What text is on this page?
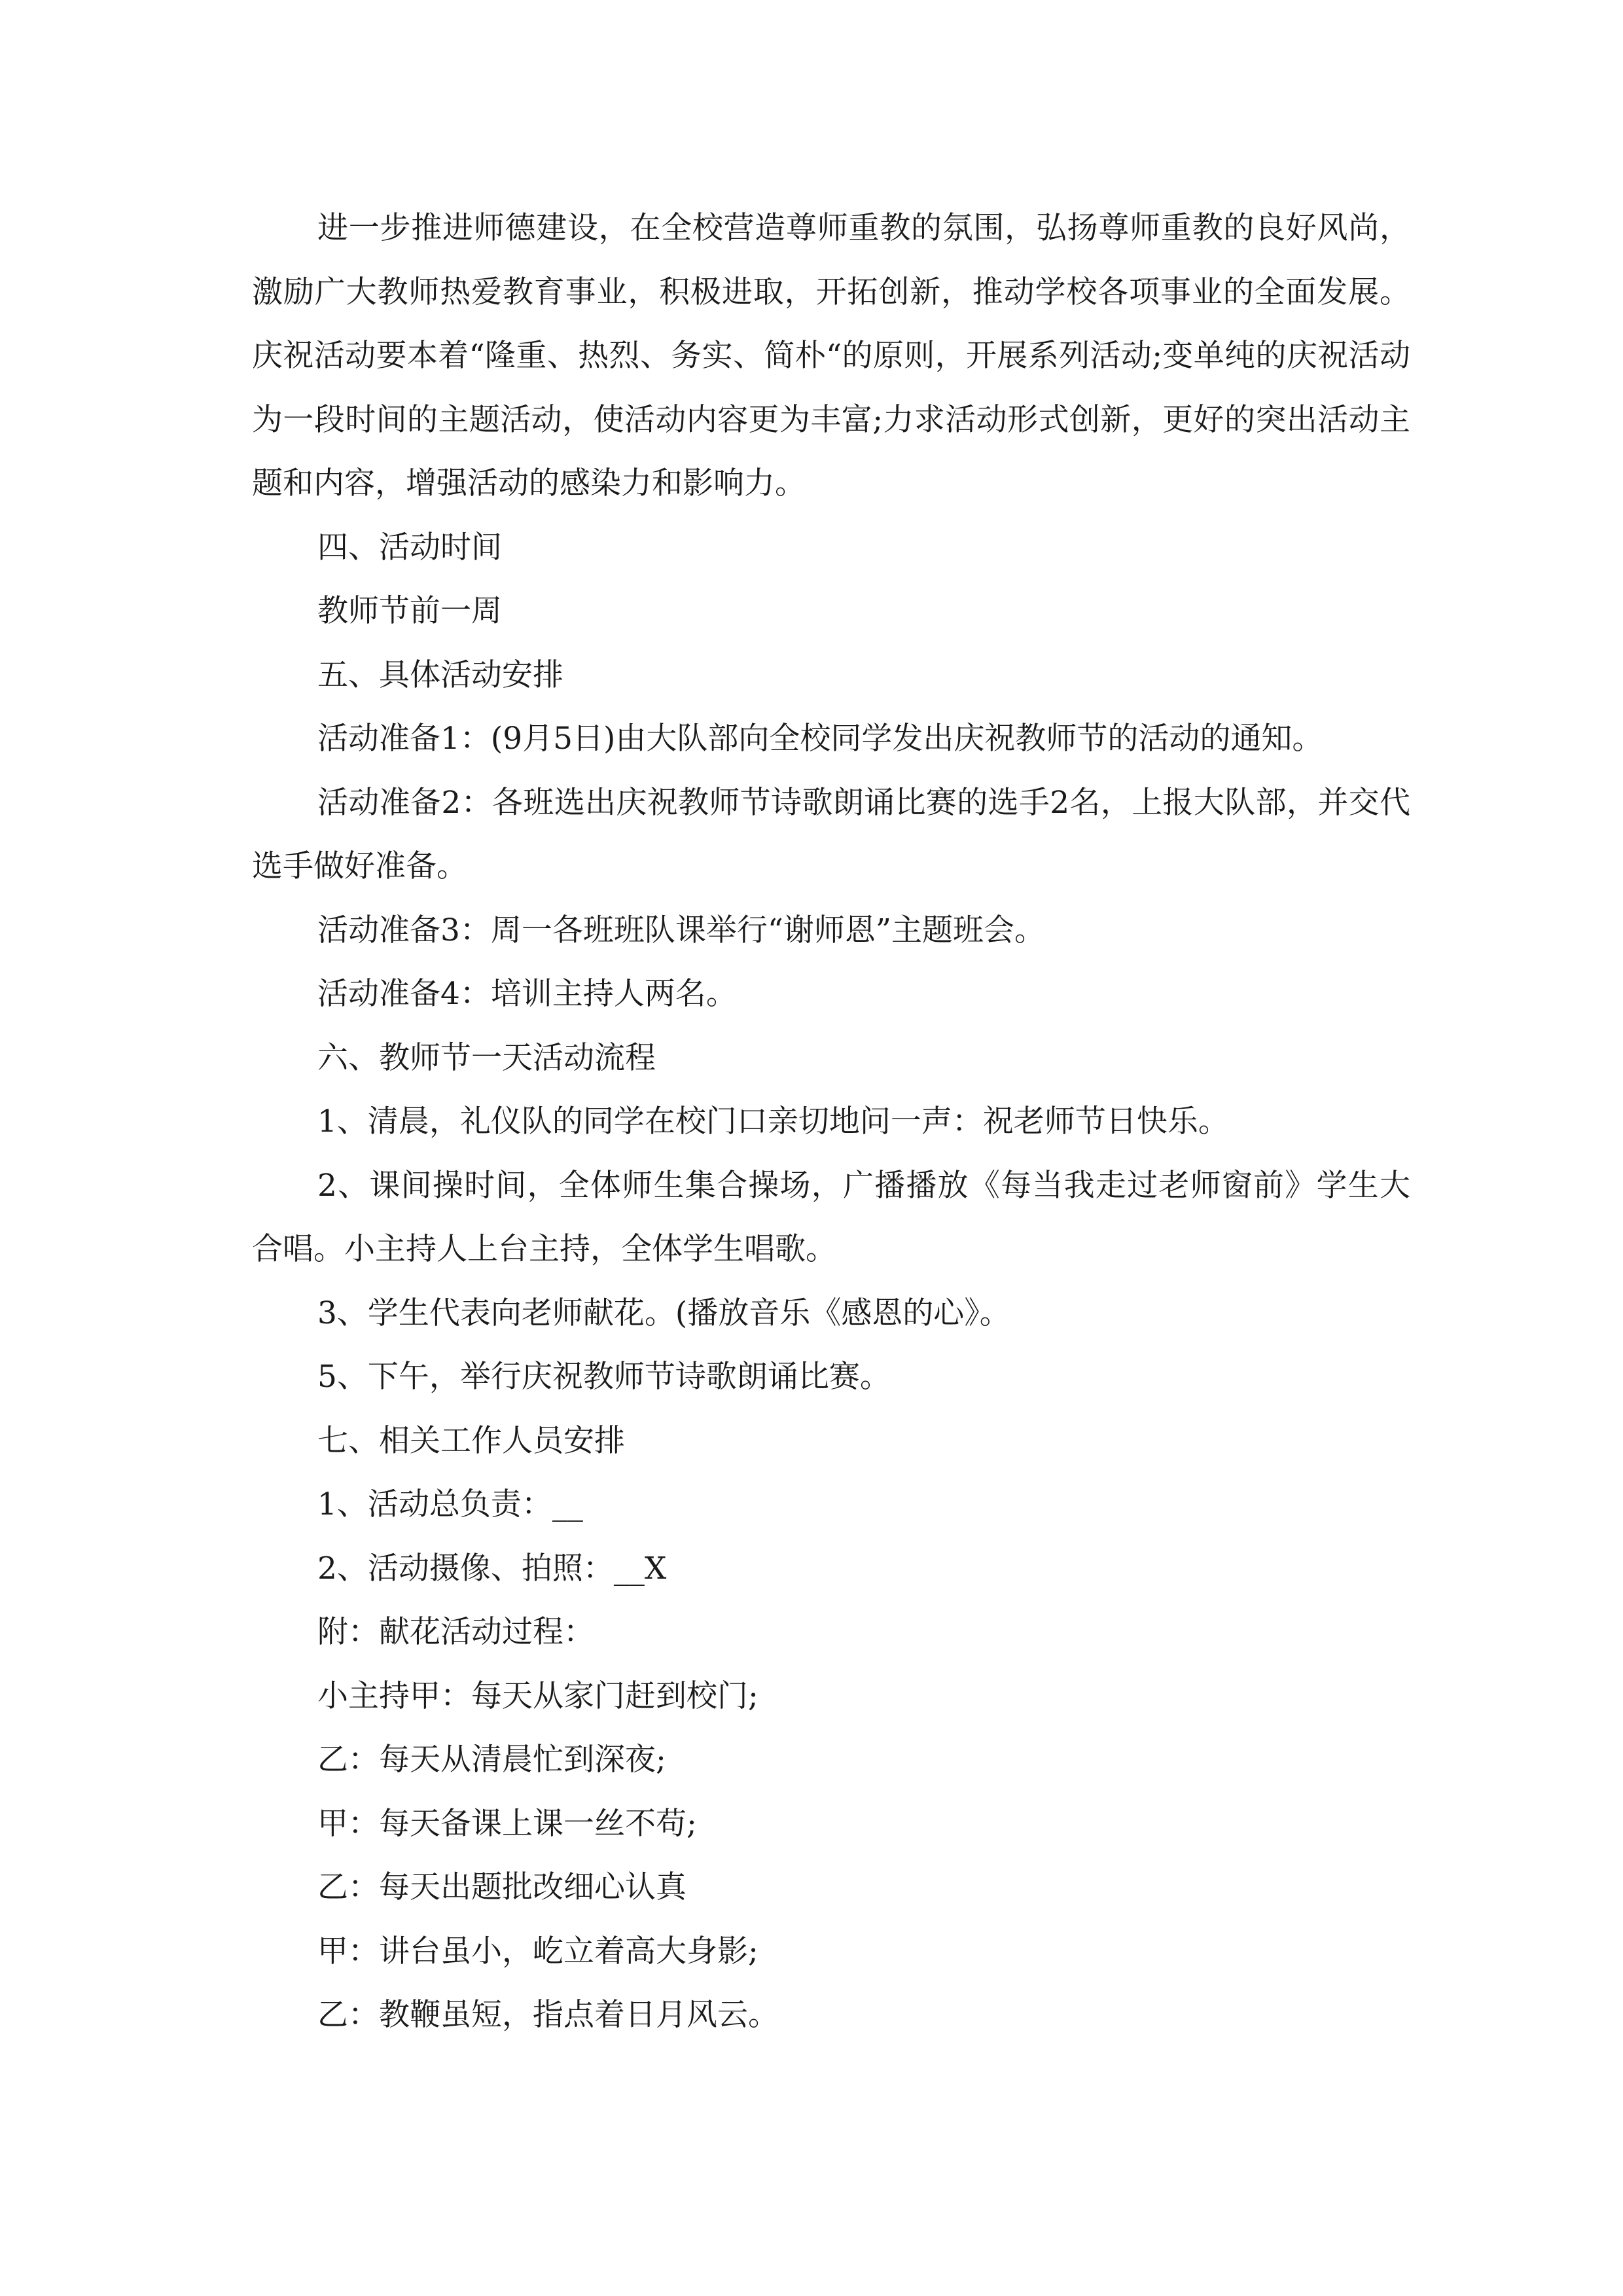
进一步推进师德建设，在全校营造尊师重教的氛围，弘扬尊师重教的良好风尚，激励广大教师热爱教育事业，积极进取，开拓创新，推动学校各项事业的全面发展。庆祝活动要本着“隆重、热烈、务实、简朴“的原则，开展系列活动;变单纯的庆祝活动为一段时间的主题活动，使活动内容更为丰富;力求活动形式创新，更好的突出活动主题和内容，增强活动的感染力和影响力。

四、活动时间

教师节前一周

五、具体活动安排

活动准备1：(9月5日)由大队部向全校同学发出庆祝教师节的活动的通知。

活动准备2：各班选出庆祝教师节诗歌朗诵比赛的选手2名，上报大队部，并交代选手做好准备。

活动准备3：周一各班班队课举行“谢师恩”主题班会。

活动准备4：培训主持人两名。

六、教师节一天活动流程

1、清晨，礼仪队的同学在校门口亲切地问一声：祝老师节日快乐。

2、课间操时间，全体师生集合操场，广播播放《每当我走过老师窗前》学生大合唱。小主持人上台主持，全体学生唱歌。

3、学生代表向老师献花。(播放音乐《感恩的心》。

5、下午，举行庆祝教师节诗歌朗诵比赛。

七、相关工作人员安排

1、活动总负责：__

2、活动摄像、拍照：__X

附：献花活动过程：

小主持甲：每天从家门赶到校门;

乙：每天从清晨忙到深夜;

甲：每天备课上课一丝不苟;

乙：每天出题批改细心认真

甲：讲台虽小，屹立着高大身影;

乙：教鞭虽短，指点着日月风云。
